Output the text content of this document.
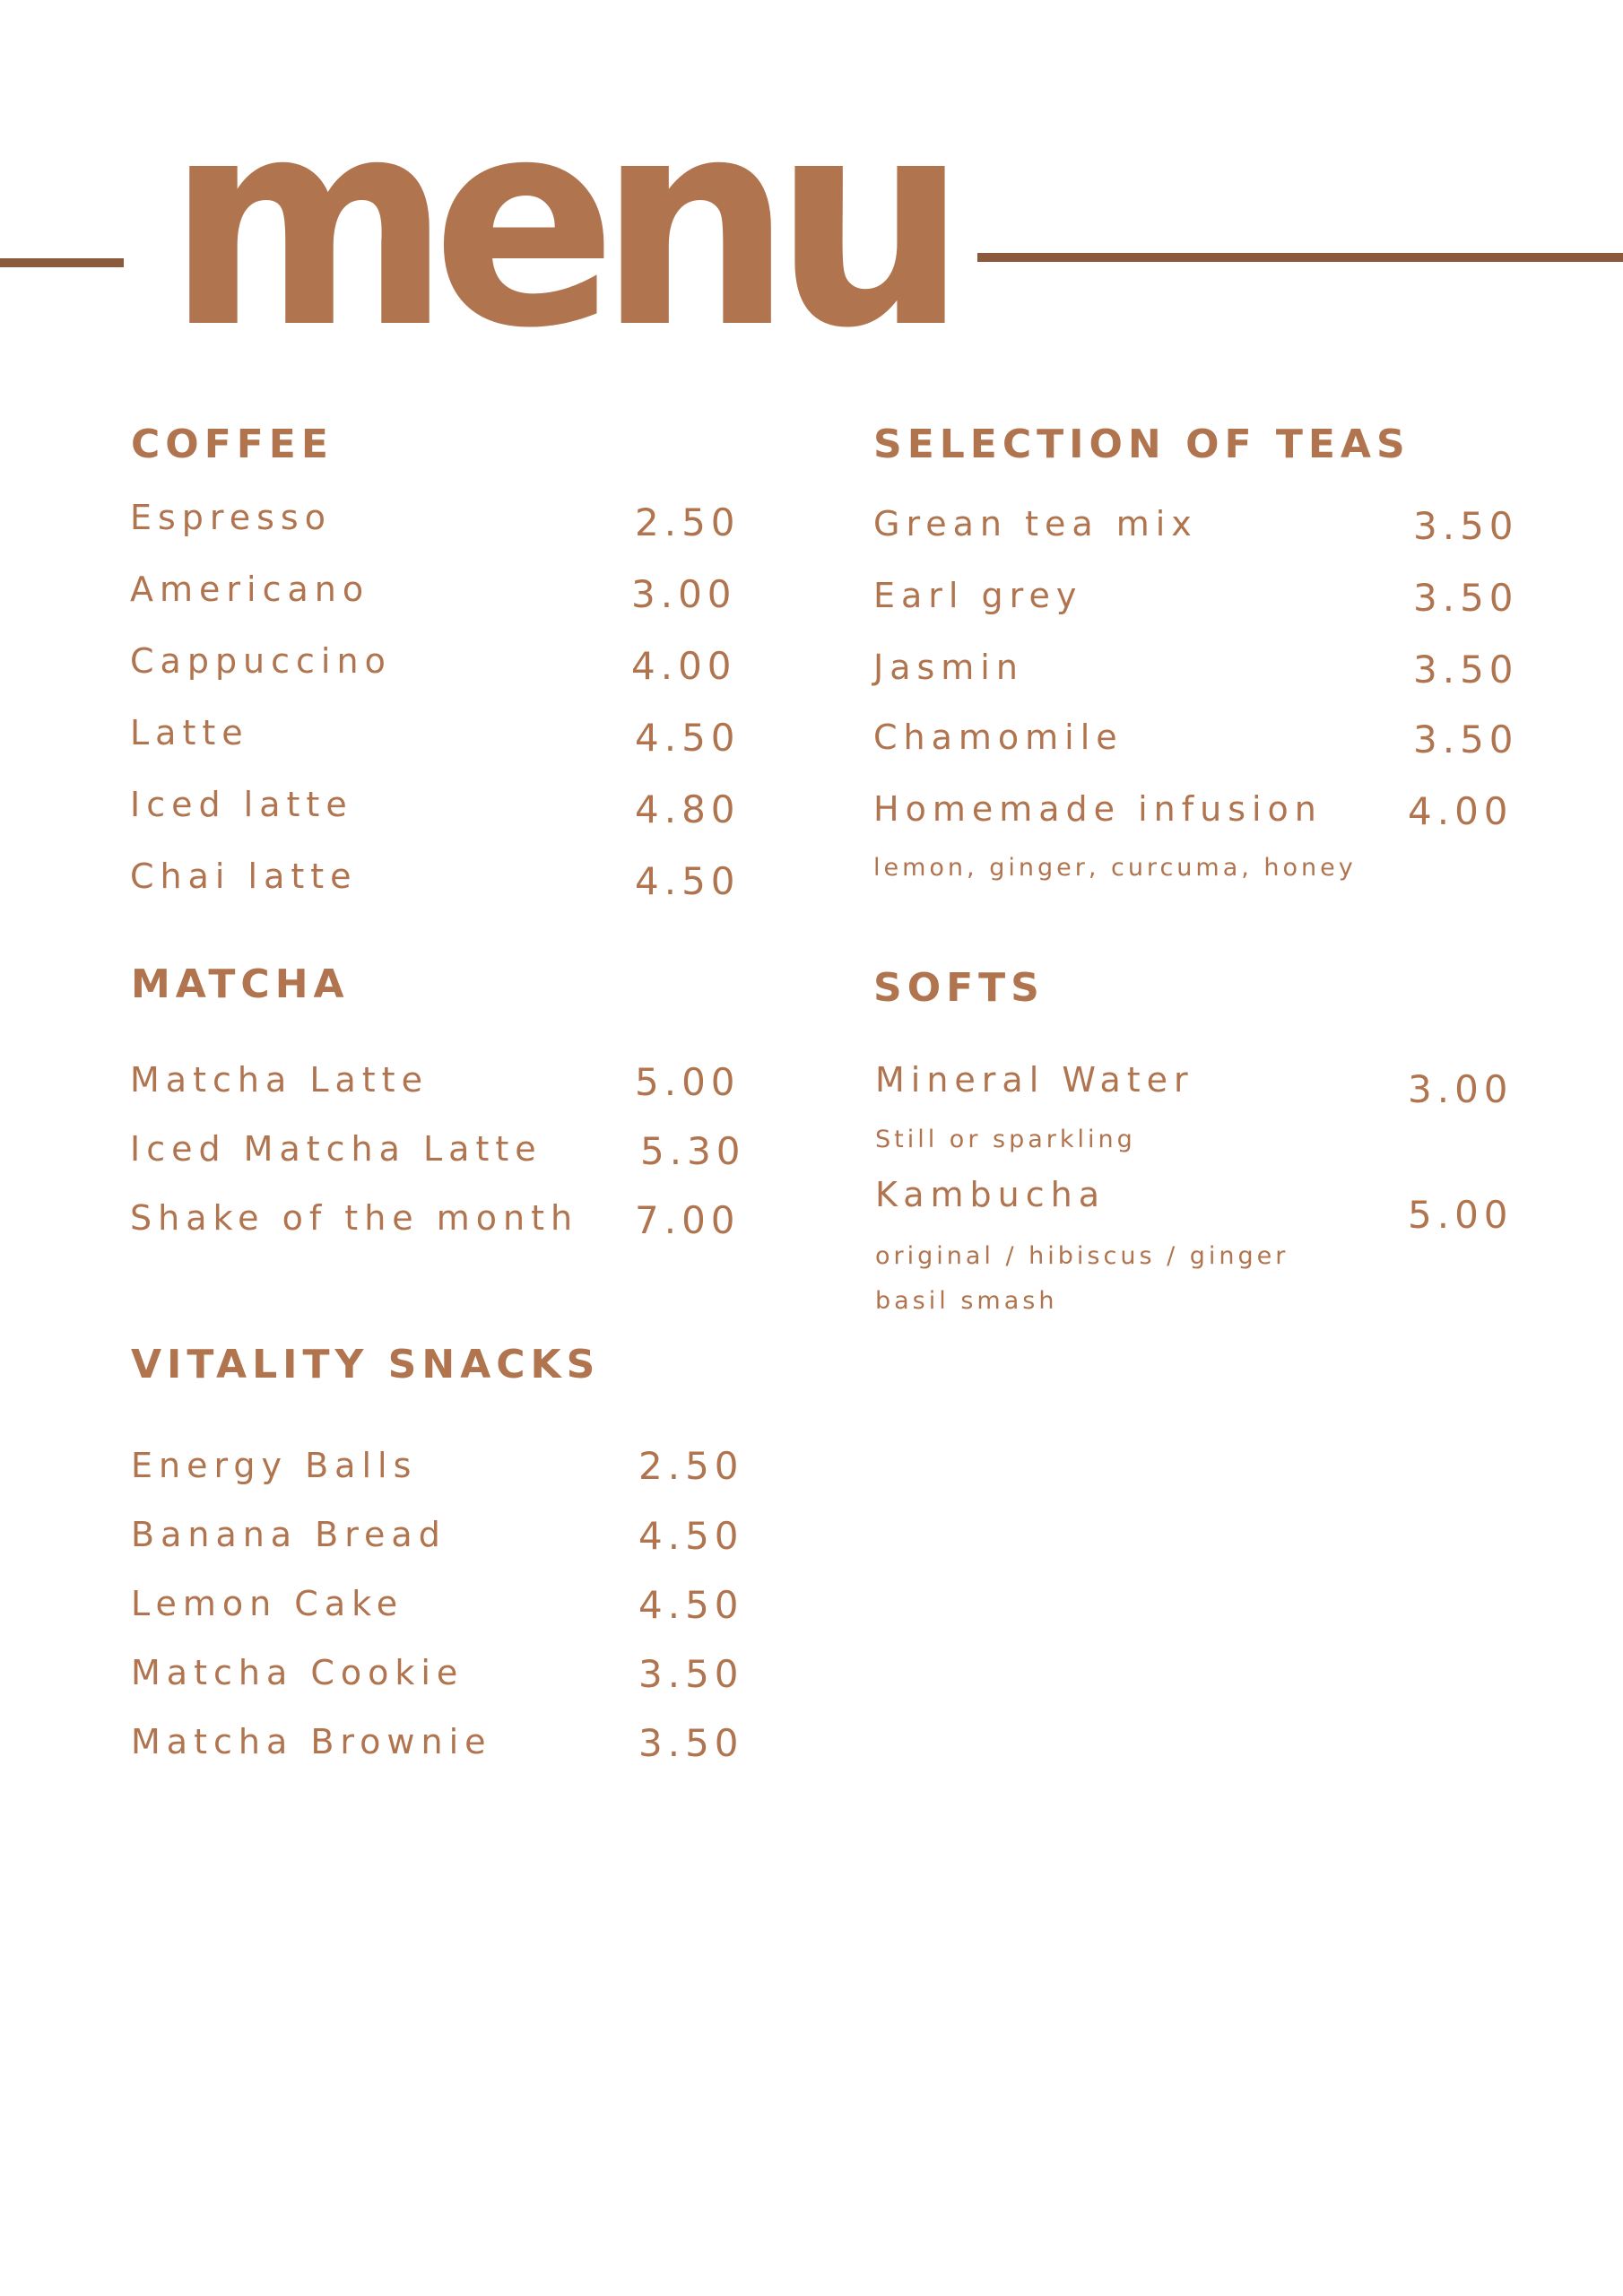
menu
COFFEE
Espresso	2.50
Americano	3.00
Cappuccino	4.00
Latte	4.50
Iced latte	4.80
Chai latte	4.50
SELECTION OF TEAS
Grean tea mix	3.50
Earl grey	3.50
Jasmin	3.50
Chamomile	3.50
Homemade infusion 4.00
lemon, ginger, curcuma, honey
MATCHA
Matcha Latte	5.00
Iced Matcha Latte	5.30
Shake of the month 7.00
SOFTS
Mineral Water	3.00
Still or sparkling
Kambucha	5.00
original / hibiscus / ginger
basil smash
VITALITY SNACKS
Energy Balls	2.50
Banana Bread	4.50
Lemon Cake	4.50
Matcha Cookie	3.50
Matcha Brownie	3.50
